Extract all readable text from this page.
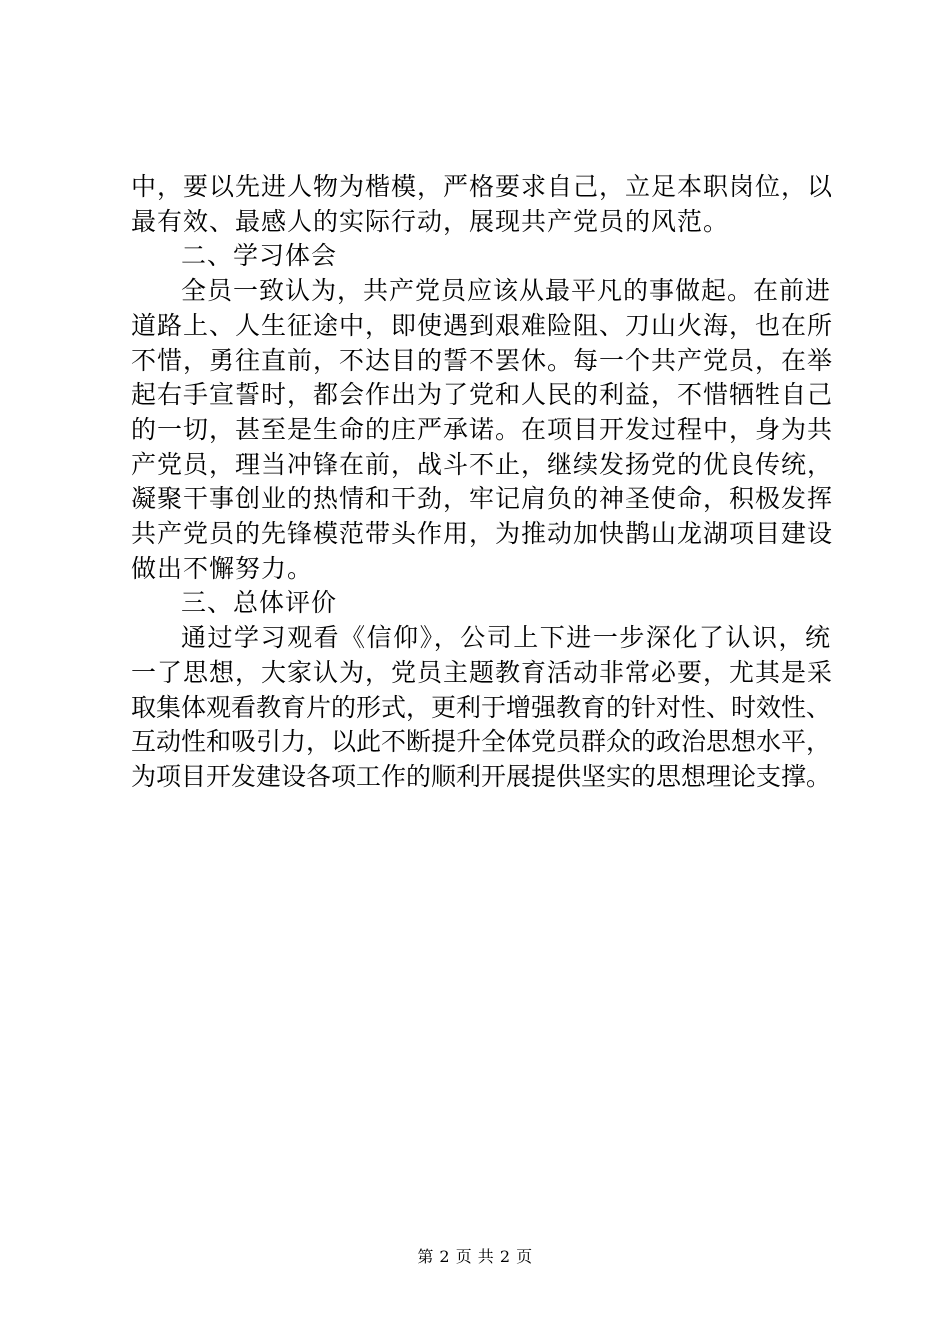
中，要以先进人物为楷模，严格要求自己，立足本职岗位，以
最有效、最感人的实际行动，展现共产党员的风范。
二、学习体会
全员一致认为，共产党员应该从最平凡的事做起。在前进
道路上、人生征途中，即使遇到艰难险阻、刀山火海，也在所
不惜，勇往直前，不达目的誓不罢休。每一个共产党员，在举
起右手宣誓时，都会作出为了党和人民的利益，不惜牺牲自己
的一切，甚至是生命的庄严承诺。在项目开发过程中，身为共
产党员，理当冲锋在前，战斗不止，继续发扬党的优良传统，
凝聚干事创业的热情和干劲，牢记肩负的神圣使命，积极发挥
共产党员的先锋模范带头作用，为推动加快鹊山龙湖项目建设
做出不懈努力。
三、总体评价
通过学习观看《信仰》，公司上下进一步深化了认识，统
一了思想，大家认为，党员主题教育活动非常必要，尤其是采
取集体观看教育片的形式，更利于增强教育的针对性、时效性、
互动性和吸引力，以此不断提升全体党员群众的政治思想水平，
为项目开发建设各项工作的顺利开展提供坚实的思想理论支撑。
第 2 页 共 2 页
